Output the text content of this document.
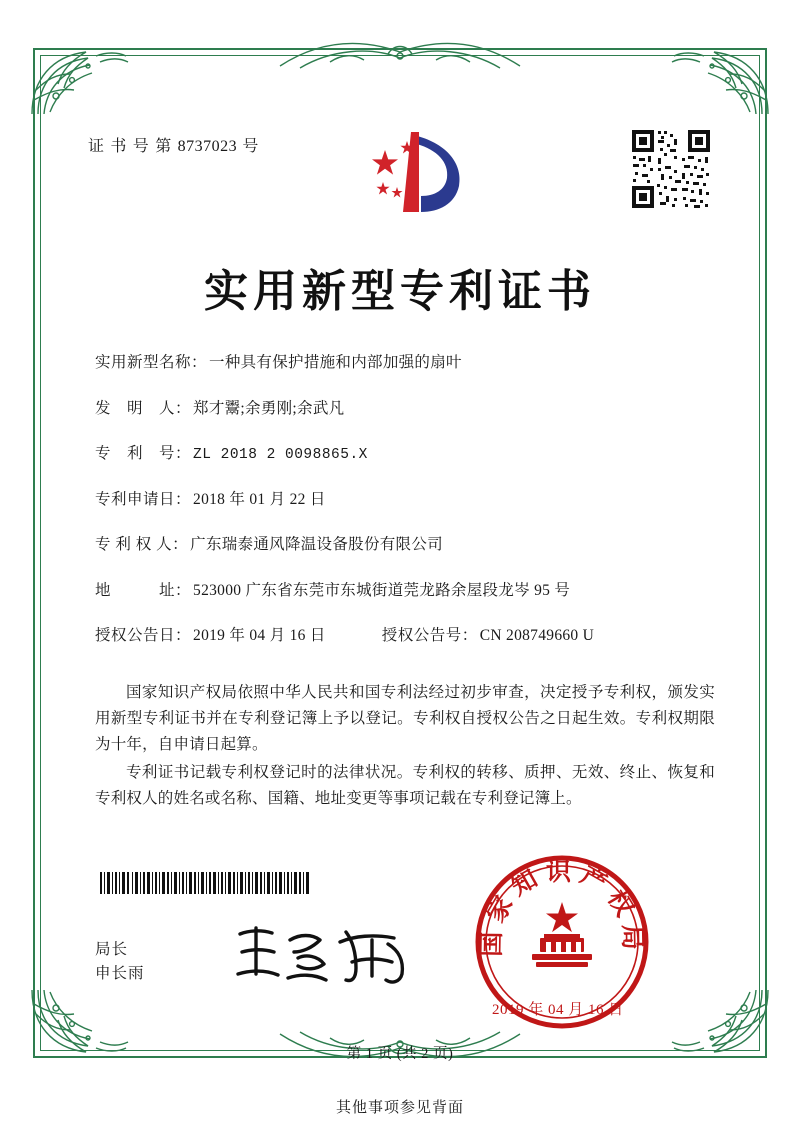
证 书 号 第 8737023 号
实用新型专利证书
实用新型名称： 一种具有保护措施和内部加强的扇叶
发　明　人： 郑才鬻;余勇刚;余武凡
专　利　号： ZL 2018 2 0098865.X
专利申请日： 2018 年 01 月 22 日
专 利 权 人： 广东瑞泰通风降温设备股份有限公司
地　　　址： 523000 广东省东莞市东城街道莞龙路余屋段龙岑 95 号
授权公告日： 2019 年 04 月 16 日	授权公告号： CN 208749660 U

国家知识产权局依照中华人民共和国专利法经过初步审查，决定授予专利权，颁发实用新型专利证书并在专利登记簿上予以登记。专利权自授权公告之日起生效。专利权期限为十年，自申请日起算。

专利证书记载专利权登记时的法律状况。专利权的转移、质押、无效、终止、恢复和专利权人的姓名或名称、国籍、地址变更等事项记载在专利登记簿上。

局长
申长雨
国家知识产权局
2019 年 04 月 16 日
第 1 页 (共 2 页)
其他事项参见背面
